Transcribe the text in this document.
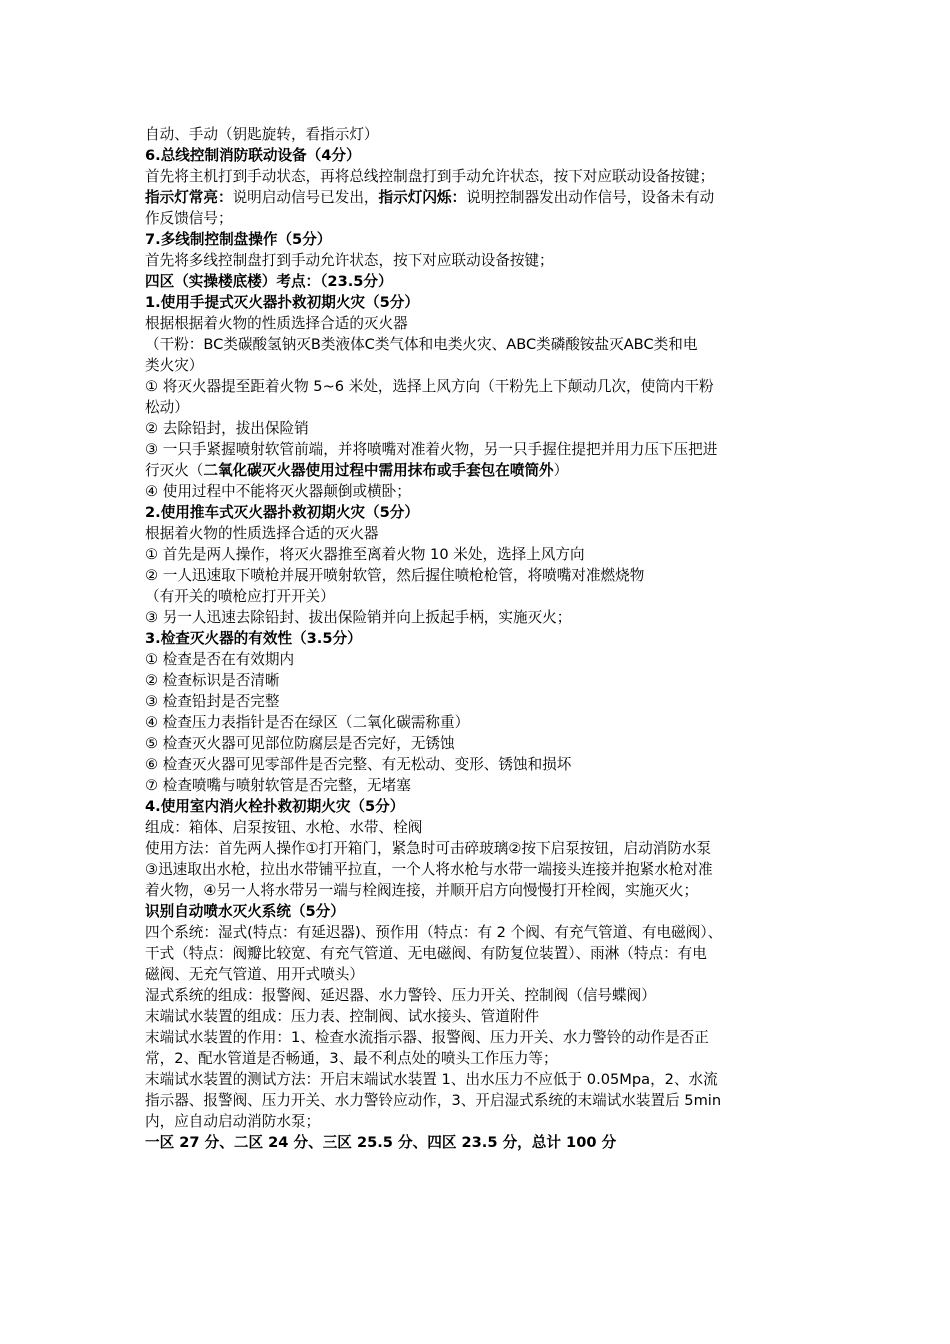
自动、手动（钥匙旋转，看指示灯）
6.总线控制消防联动设备（4分）
首先将主机打到手动状态，再将总线控制盘打到手动允许状态，按下对应联动设备按键；
指示灯常亮：说明启动信号已发出，指示灯闪烁：说明控制器发出动作信号，设备未有动
作反馈信号；
7.多线制控制盘操作（5分）
首先将多线控制盘打到手动允许状态，按下对应联动设备按键；
四区（实操楼底楼）考点：（23.5分）
1.使用手提式灭火器扑救初期火灾（5分）
根据根据着火物的性质选择合适的灭火器
（干粉：BC类碳酸氢钠灭B类液体C类气体和电类火灾、ABC类磷酸铵盐灭ABC类和电
类火灾）
① 将灭火器提至距着火物 5~6 米处，选择上风方向（干粉先上下颠动几次，使筒内干粉
松动）
② 去除铅封，拔出保险销
③ 一只手紧握喷射软管前端，并将喷嘴对准着火物，另一只手握住提把并用力压下压把进
行灭火（二氧化碳灭火器使用过程中需用抹布或手套包在喷筒外）
④ 使用过程中不能将灭火器颠倒或横卧；
2.使用推车式灭火器扑救初期火灾（5分）
根据着火物的性质选择合适的灭火器
① 首先是两人操作，将灭火器推至离着火物 10 米处，选择上风方向
② 一人迅速取下喷枪并展开喷射软管，然后握住喷枪枪管，将喷嘴对准燃烧物
（有开关的喷枪应打开开关）
③ 另一人迅速去除铅封、拔出保险销并向上扳起手柄，实施灭火；
3.检查灭火器的有效性（3.5分）
① 检查是否在有效期内
② 检查标识是否清晰
③ 检查铅封是否完整
④ 检查压力表指针是否在绿区（二氧化碳需称重）
⑤ 检查灭火器可见部位防腐层是否完好，无锈蚀
⑥ 检查灭火器可见零部件是否完整、有无松动、变形、锈蚀和损坏
⑦ 检查喷嘴与喷射软管是否完整，无堵塞
4.使用室内消火栓扑救初期火灾（5分）
组成：箱体、启泵按钮、水枪、水带、栓阀
使用方法：首先两人操作①打开箱门，紧急时可击碎玻璃②按下启泵按钮，启动消防水泵
③迅速取出水枪，拉出水带铺平拉直，一个人将水枪与水带一端接头连接并抱紧水枪对准
着火物，④另一人将水带另一端与栓阀连接，并顺开启方向慢慢打开栓阀，实施灭火；
识别自动喷水灭火系统（5分）
四个系统：湿式(特点：有延迟器)、预作用（特点：有 2 个阀、有充气管道、有电磁阀）、
干式（特点：阀瓣比较宽、有充气管道、无电磁阀、有防复位装置）、雨淋（特点：有电
磁阀、无充气管道、用开式喷头）
湿式系统的组成：报警阀、延迟器、水力警铃、压力开关、控制阀（信号蝶阀）
末端试水装置的组成：压力表、控制阀、试水接头、管道附件
末端试水装置的作用：1、检查水流指示器、报警阀、压力开关、水力警铃的动作是否正
常，2、配水管道是否畅通，3、最不利点处的喷头工作压力等；
末端试水装置的测试方法：开启末端试水装置 1、出水压力不应低于 0.05Mpa，2、水流
指示器、报警阀、压力开关、水力警铃应动作，3、开启湿式系统的末端试水装置后 5min
内，应自动启动消防水泵；
一区 27 分、二区 24 分、三区 25.5 分、四区 23.5 分，总计 100 分
